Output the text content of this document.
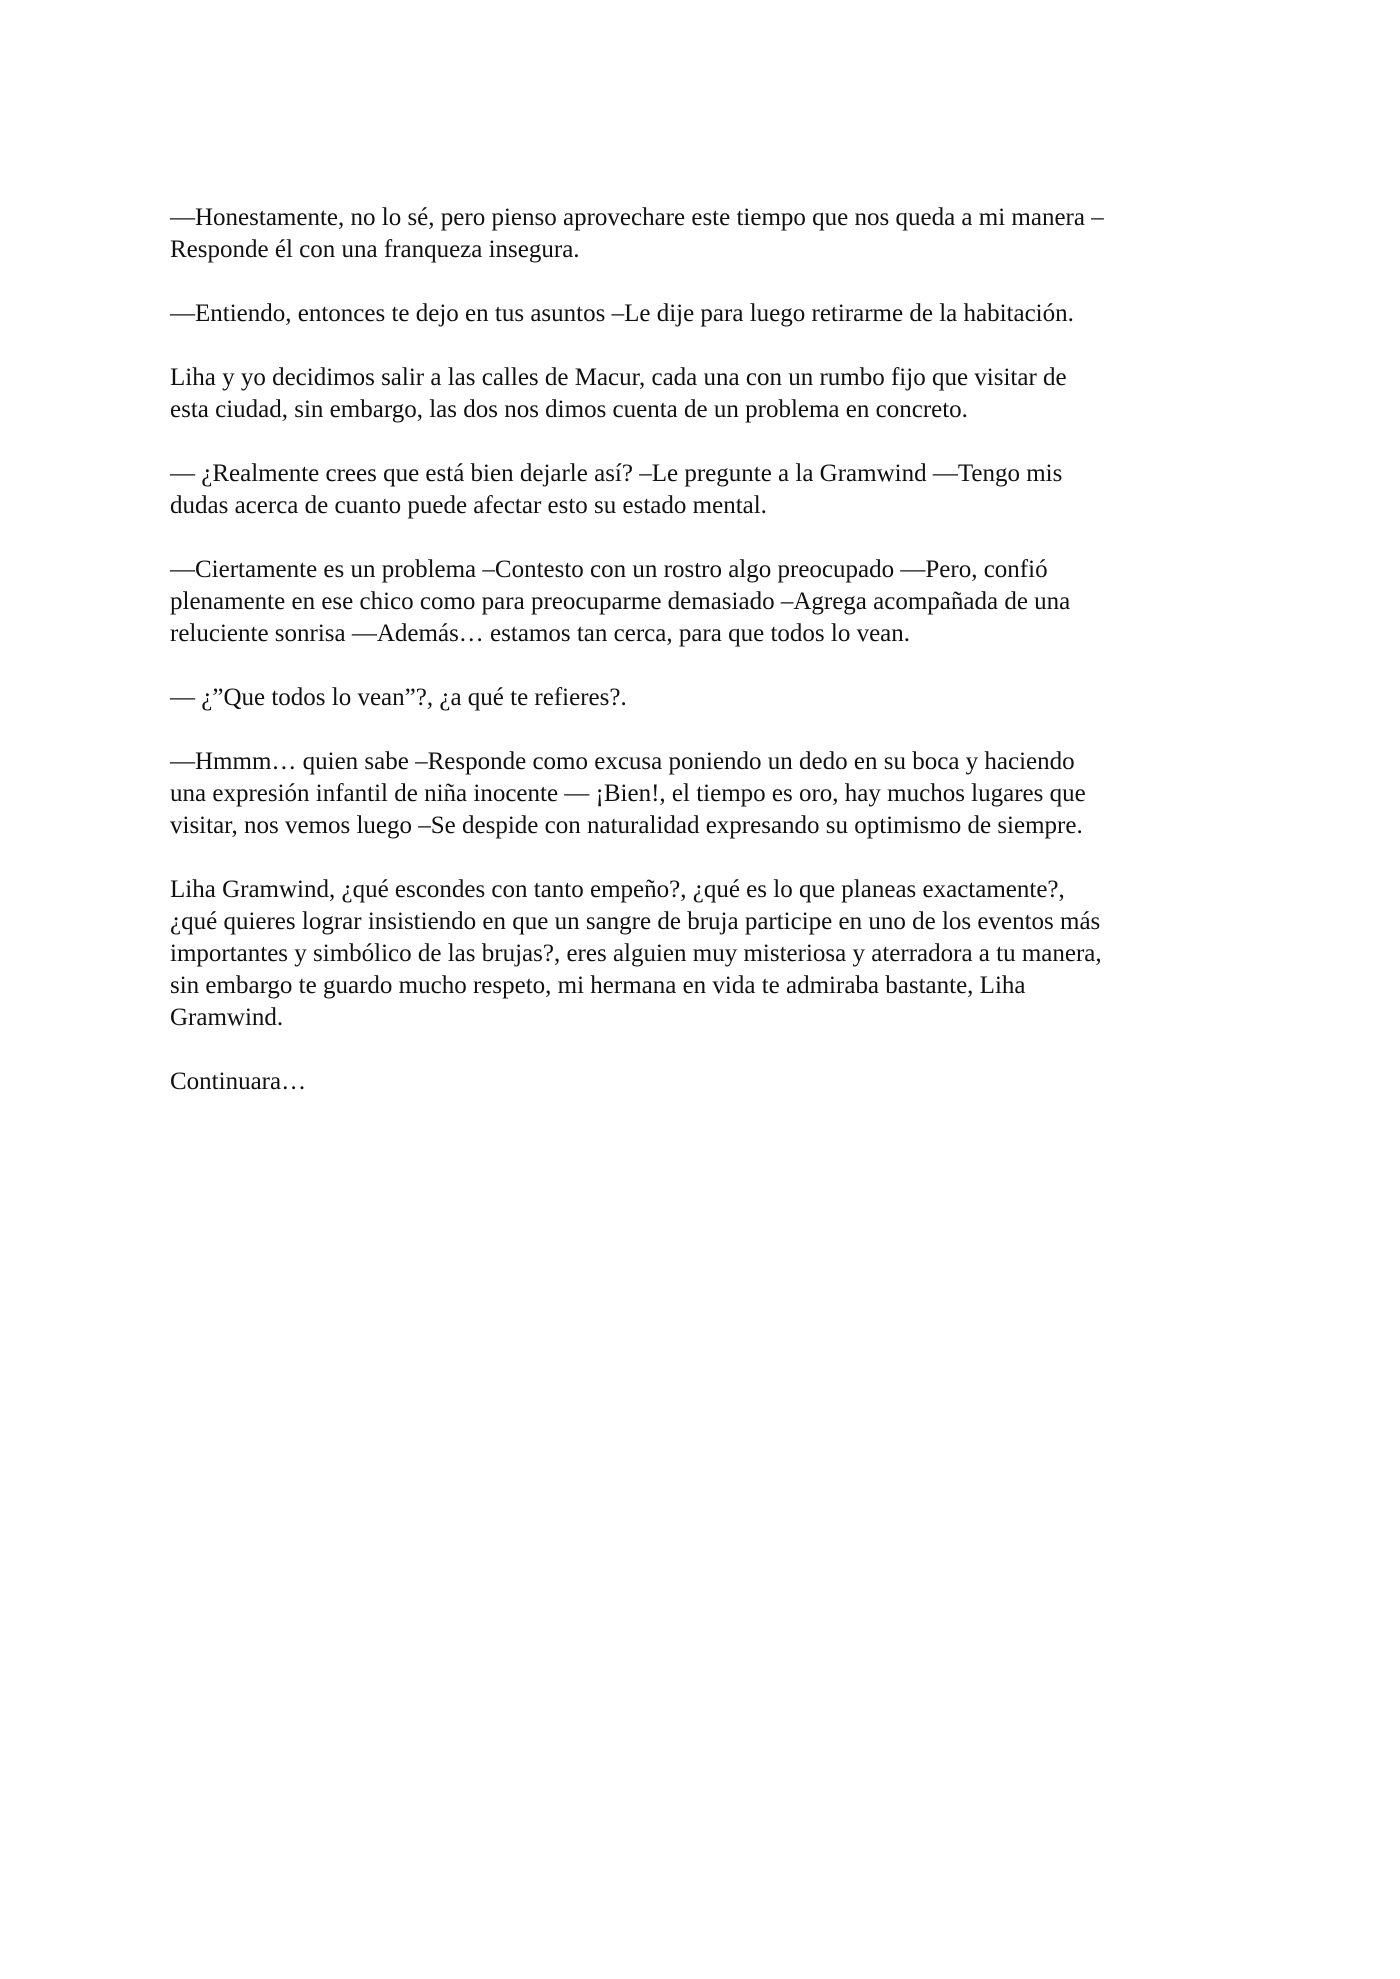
—Honestamente, no lo sé, pero pienso aprovechare este tiempo que nos queda a mi manera –
Responde él con una franqueza insegura.

—Entiendo, entonces te dejo en tus asuntos –Le dije para luego retirarme de la habitación.

Liha y yo decidimos salir a las calles de Macur, cada una con un rumbo fijo que visitar de
esta ciudad, sin embargo, las dos nos dimos cuenta de un problema en concreto.

— ¿Realmente crees que está bien dejarle así? –Le pregunte a la Gramwind —Tengo mis
dudas acerca de cuanto puede afectar esto su estado mental.

—Ciertamente es un problema –Contesto con un rostro algo preocupado —Pero, confió
plenamente en ese chico como para preocuparme demasiado –Agrega acompañada de una
reluciente sonrisa —Además… estamos tan cerca, para que todos lo vean.

— ¿”Que todos lo vean”?, ¿a qué te refieres?.

—Hmmm… quien sabe –Responde como excusa poniendo un dedo en su boca y haciendo
una expresión infantil de niña inocente — ¡Bien!, el tiempo es oro, hay muchos lugares que
visitar, nos vemos luego –Se despide con naturalidad expresando su optimismo de siempre.

Liha Gramwind, ¿qué escondes con tanto empeño?, ¿qué es lo que planeas exactamente?,
¿qué quieres lograr insistiendo en que un sangre de bruja participe en uno de los eventos más
importantes y simbólico de las brujas?, eres alguien muy misteriosa y aterradora a tu manera,
sin embargo te guardo mucho respeto, mi hermana en vida te admiraba bastante, Liha
Gramwind.

Continuara…
